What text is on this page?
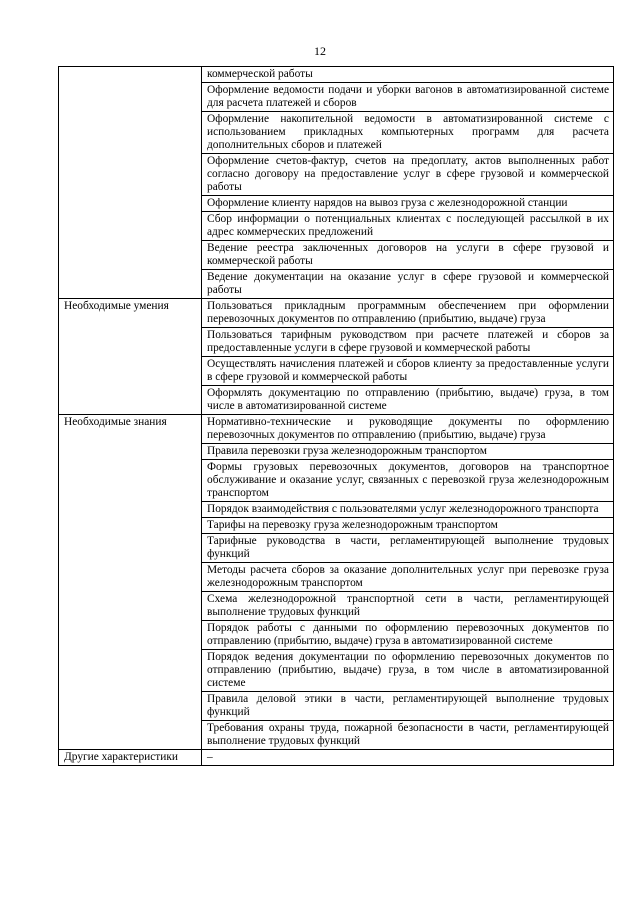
12
	коммерческой работы
	Оформление ведомости подачи и уборки вагонов в автоматизированной системе для расчета платежей и сборов
	Оформление накопительной ведомости в автоматизированной системе с использованием прикладных компьютерных программ для расчета дополнительных сборов и платежей
	Оформление счетов-фактур, счетов на предоплату, актов выполненных работ согласно договору на предоставление услуг в сфере грузовой и коммерческой работы
	Оформление клиенту нарядов на вывоз груза с железнодорожной станции
	Сбор информации о потенциальных клиентах с последующей рассылкой в их адрес коммерческих предложений
	Ведение реестра заключенных договоров на услуги в сфере грузовой и коммерческой работы
	Ведение документации на оказание услуг в сфере грузовой и коммерческой работы
Необходимые умения	Пользоваться прикладным программным обеспечением при оформлении перевозочных документов по отправлению (прибытию, выдаче) груза
	Пользоваться тарифным руководством при расчете платежей и сборов за предоставленные услуги в сфере грузовой и коммерческой работы
	Осуществлять начисления платежей и сборов клиенту за предоставленные услуги в сфере грузовой и коммерческой работы
	Оформлять документацию по отправлению (прибытию, выдаче) груза, в том числе в автоматизированной системе
Необходимые знания	Нормативно-технические и руководящие документы по оформлению перевозочных документов по отправлению (прибытию, выдаче) груза
	Правила перевозки груза железнодорожным транспортом
	Формы грузовых перевозочных документов, договоров на транспортное обслуживание и оказание услуг, связанных с перевозкой груза железнодорожным транспортом
	Порядок взаимодействия с пользователями услуг железнодорожного транспорта
	Тарифы на перевозку груза железнодорожным транспортом
	Тарифные руководства в части, регламентирующей выполнение трудовых функций
	Методы расчета сборов за оказание дополнительных услуг при перевозке груза железнодорожным транспортом
	Схема железнодорожной транспортной сети в части, регламентирующей выполнение трудовых функций
	Порядок работы с данными по оформлению перевозочных документов по отправлению (прибытию, выдаче) груза в автоматизированной системе
	Порядок ведения документации по оформлению перевозочных документов по отправлению (прибытию, выдаче) груза, в том числе в автоматизированной системе
	Правила деловой этики в части, регламентирующей выполнение трудовых функций
	Требования охраны труда, пожарной безопасности в части, регламентирующей выполнение трудовых функций
Другие характеристики	–
